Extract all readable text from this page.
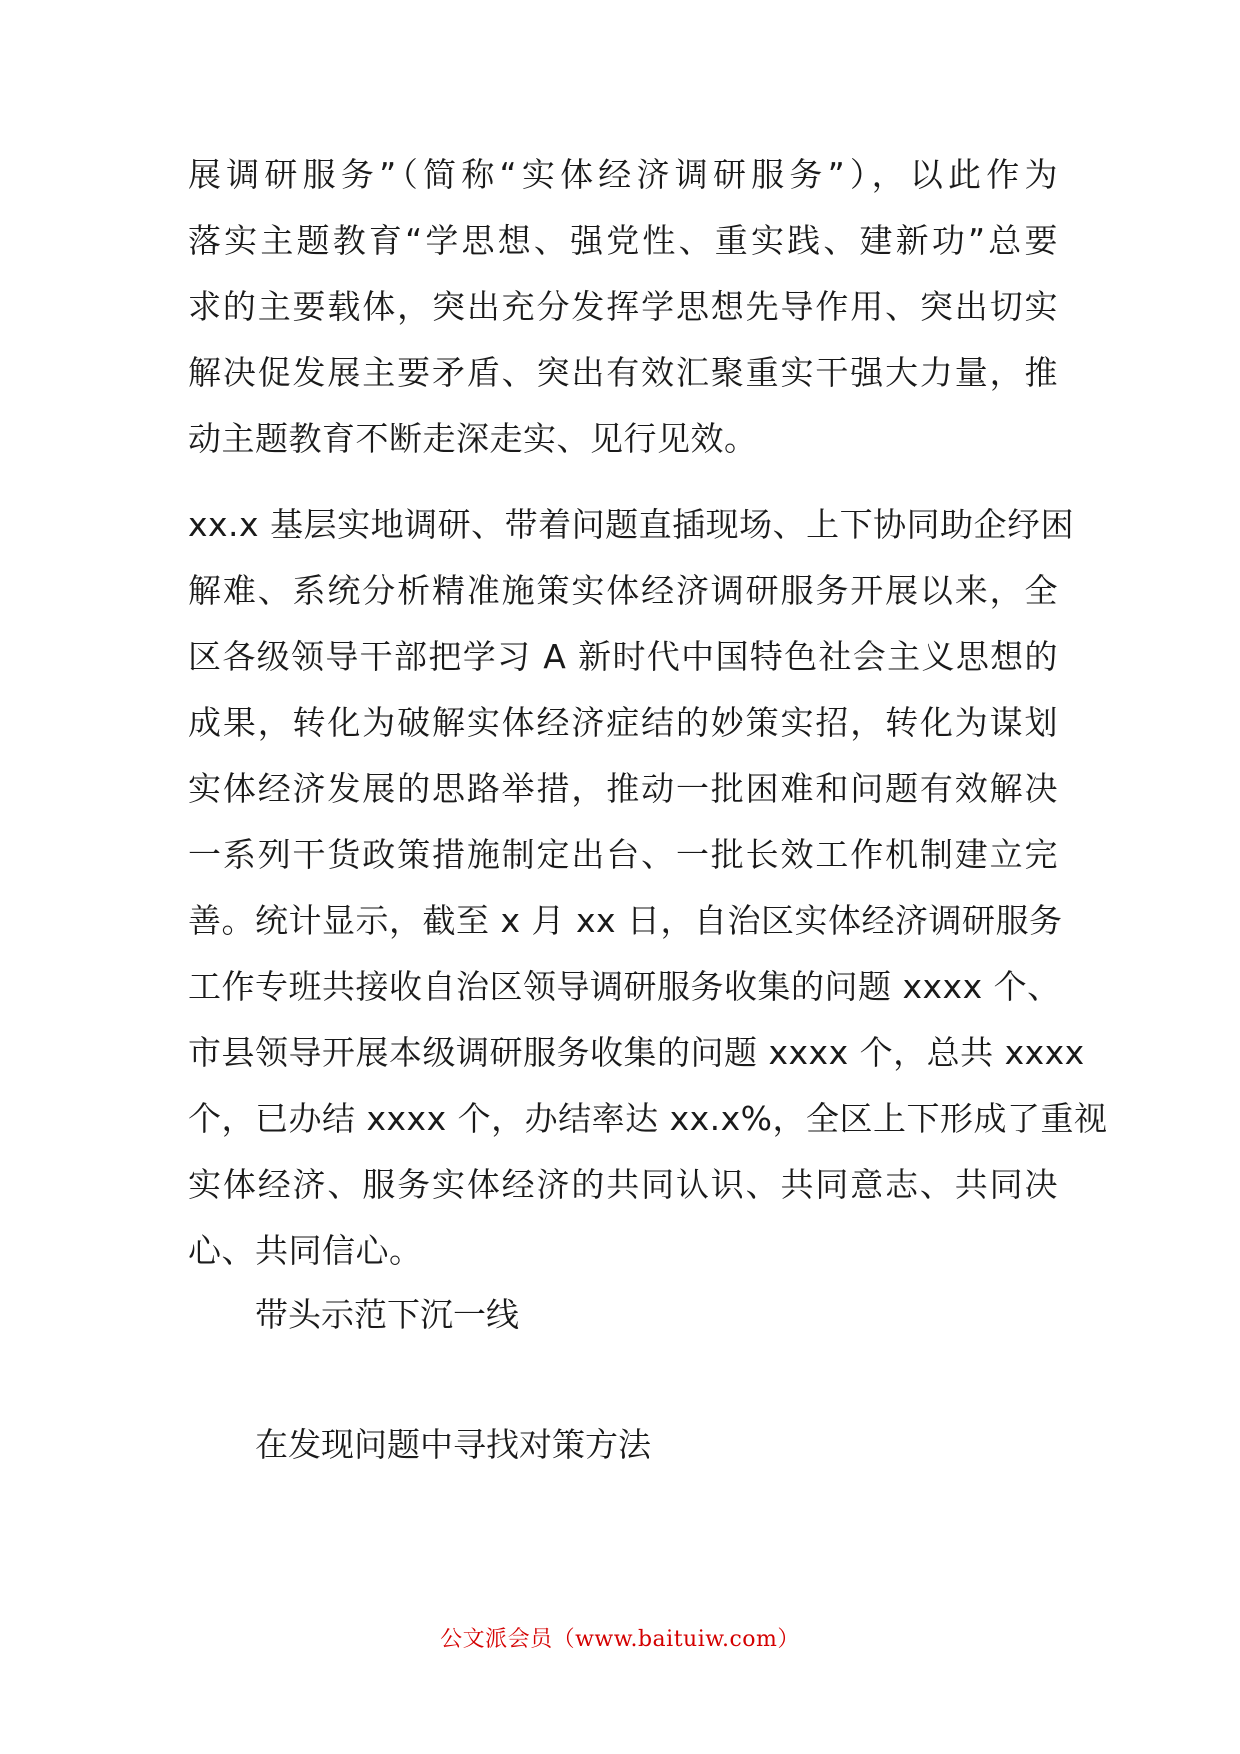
展调研服务”（简称“实体经济调研服务”），以此作为
落实主题教育“学思想、强党性、重实践、建新功”总要
求的主要载体，突出充分发挥学思想先导作用、突出切实
解决促发展主要矛盾、突出有效汇聚重实干强大力量，推
动主题教育不断走深走实、见行见效。
xx.x 基层实地调研、带着问题直插现场、上下协同助企纾困
解难、系统分析精准施策实体经济调研服务开展以来，全
区各级领导干部把学习 A 新时代中国特色社会主义思想的
成果，转化为破解实体经济症结的妙策实招，转化为谋划
实体经济发展的思路举措，推动一批困难和问题有效解决
一系列干货政策措施制定出台、一批长效工作机制建立完
善。统计显示，截至 x 月 xx 日，自治区实体经济调研服务
工作专班共接收自治区领导调研服务收集的问题 xxxx 个、
市县领导开展本级调研服务收集的问题 xxxx 个，总共 xxxx
个，已办结 xxxx 个，办结率达 xx.x%，全区上下形成了重视
实体经济、服务实体经济的共同认识、共同意志、共同决
心、共同信心。
带头示范下沉一线
在发现问题中寻找对策方法
公文派会员（www.baituiw.com）
